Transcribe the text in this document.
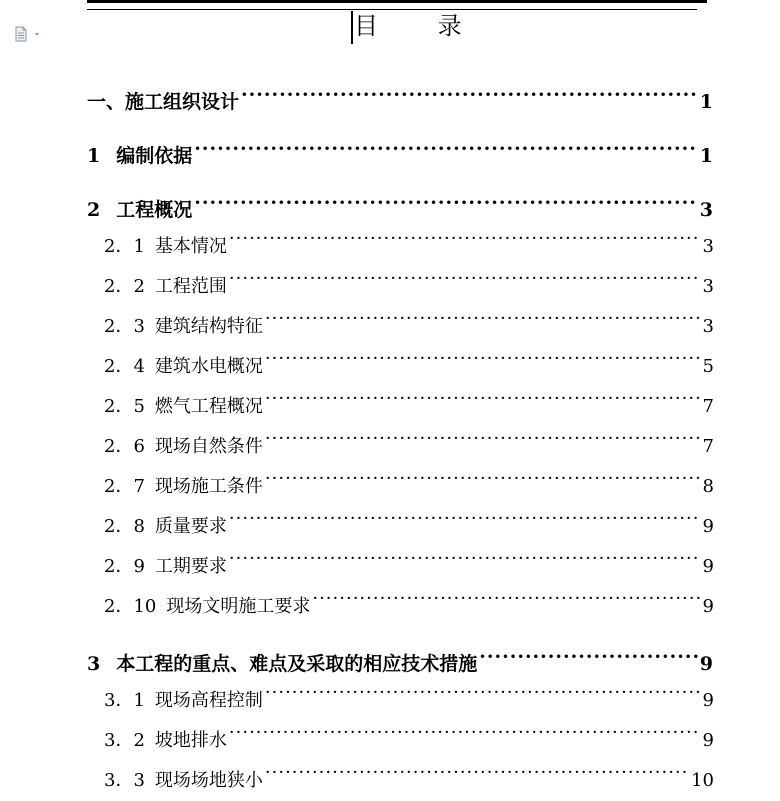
目 录
一、 施工组织设计 ·····	1
1 编制依据 ·····	1
2 工程概况 ·····	3
2．1 基本情况 ·····	3
2．2 工程范围 ·····	3
2．3 建筑结构特征 ·····	3
2．4 建筑水电概况 ·····	5
2．5 燃气工程概况 ·····	7
2．6 现场自然条件 ·····	7
2．7 现场施工条件 ·····	8
2．8 质量要求 ·····	9
2．9 工期要求 ·····	9
2．10 现场文明施工要求 ·····	9
3 本工程的重点、难点及采取的相应技术措施 ·····	9
3．1 现场高程控制 ·····	9
3．2 坡地排水 ·····	9
3．3 现场场地狭小 ·····	10
